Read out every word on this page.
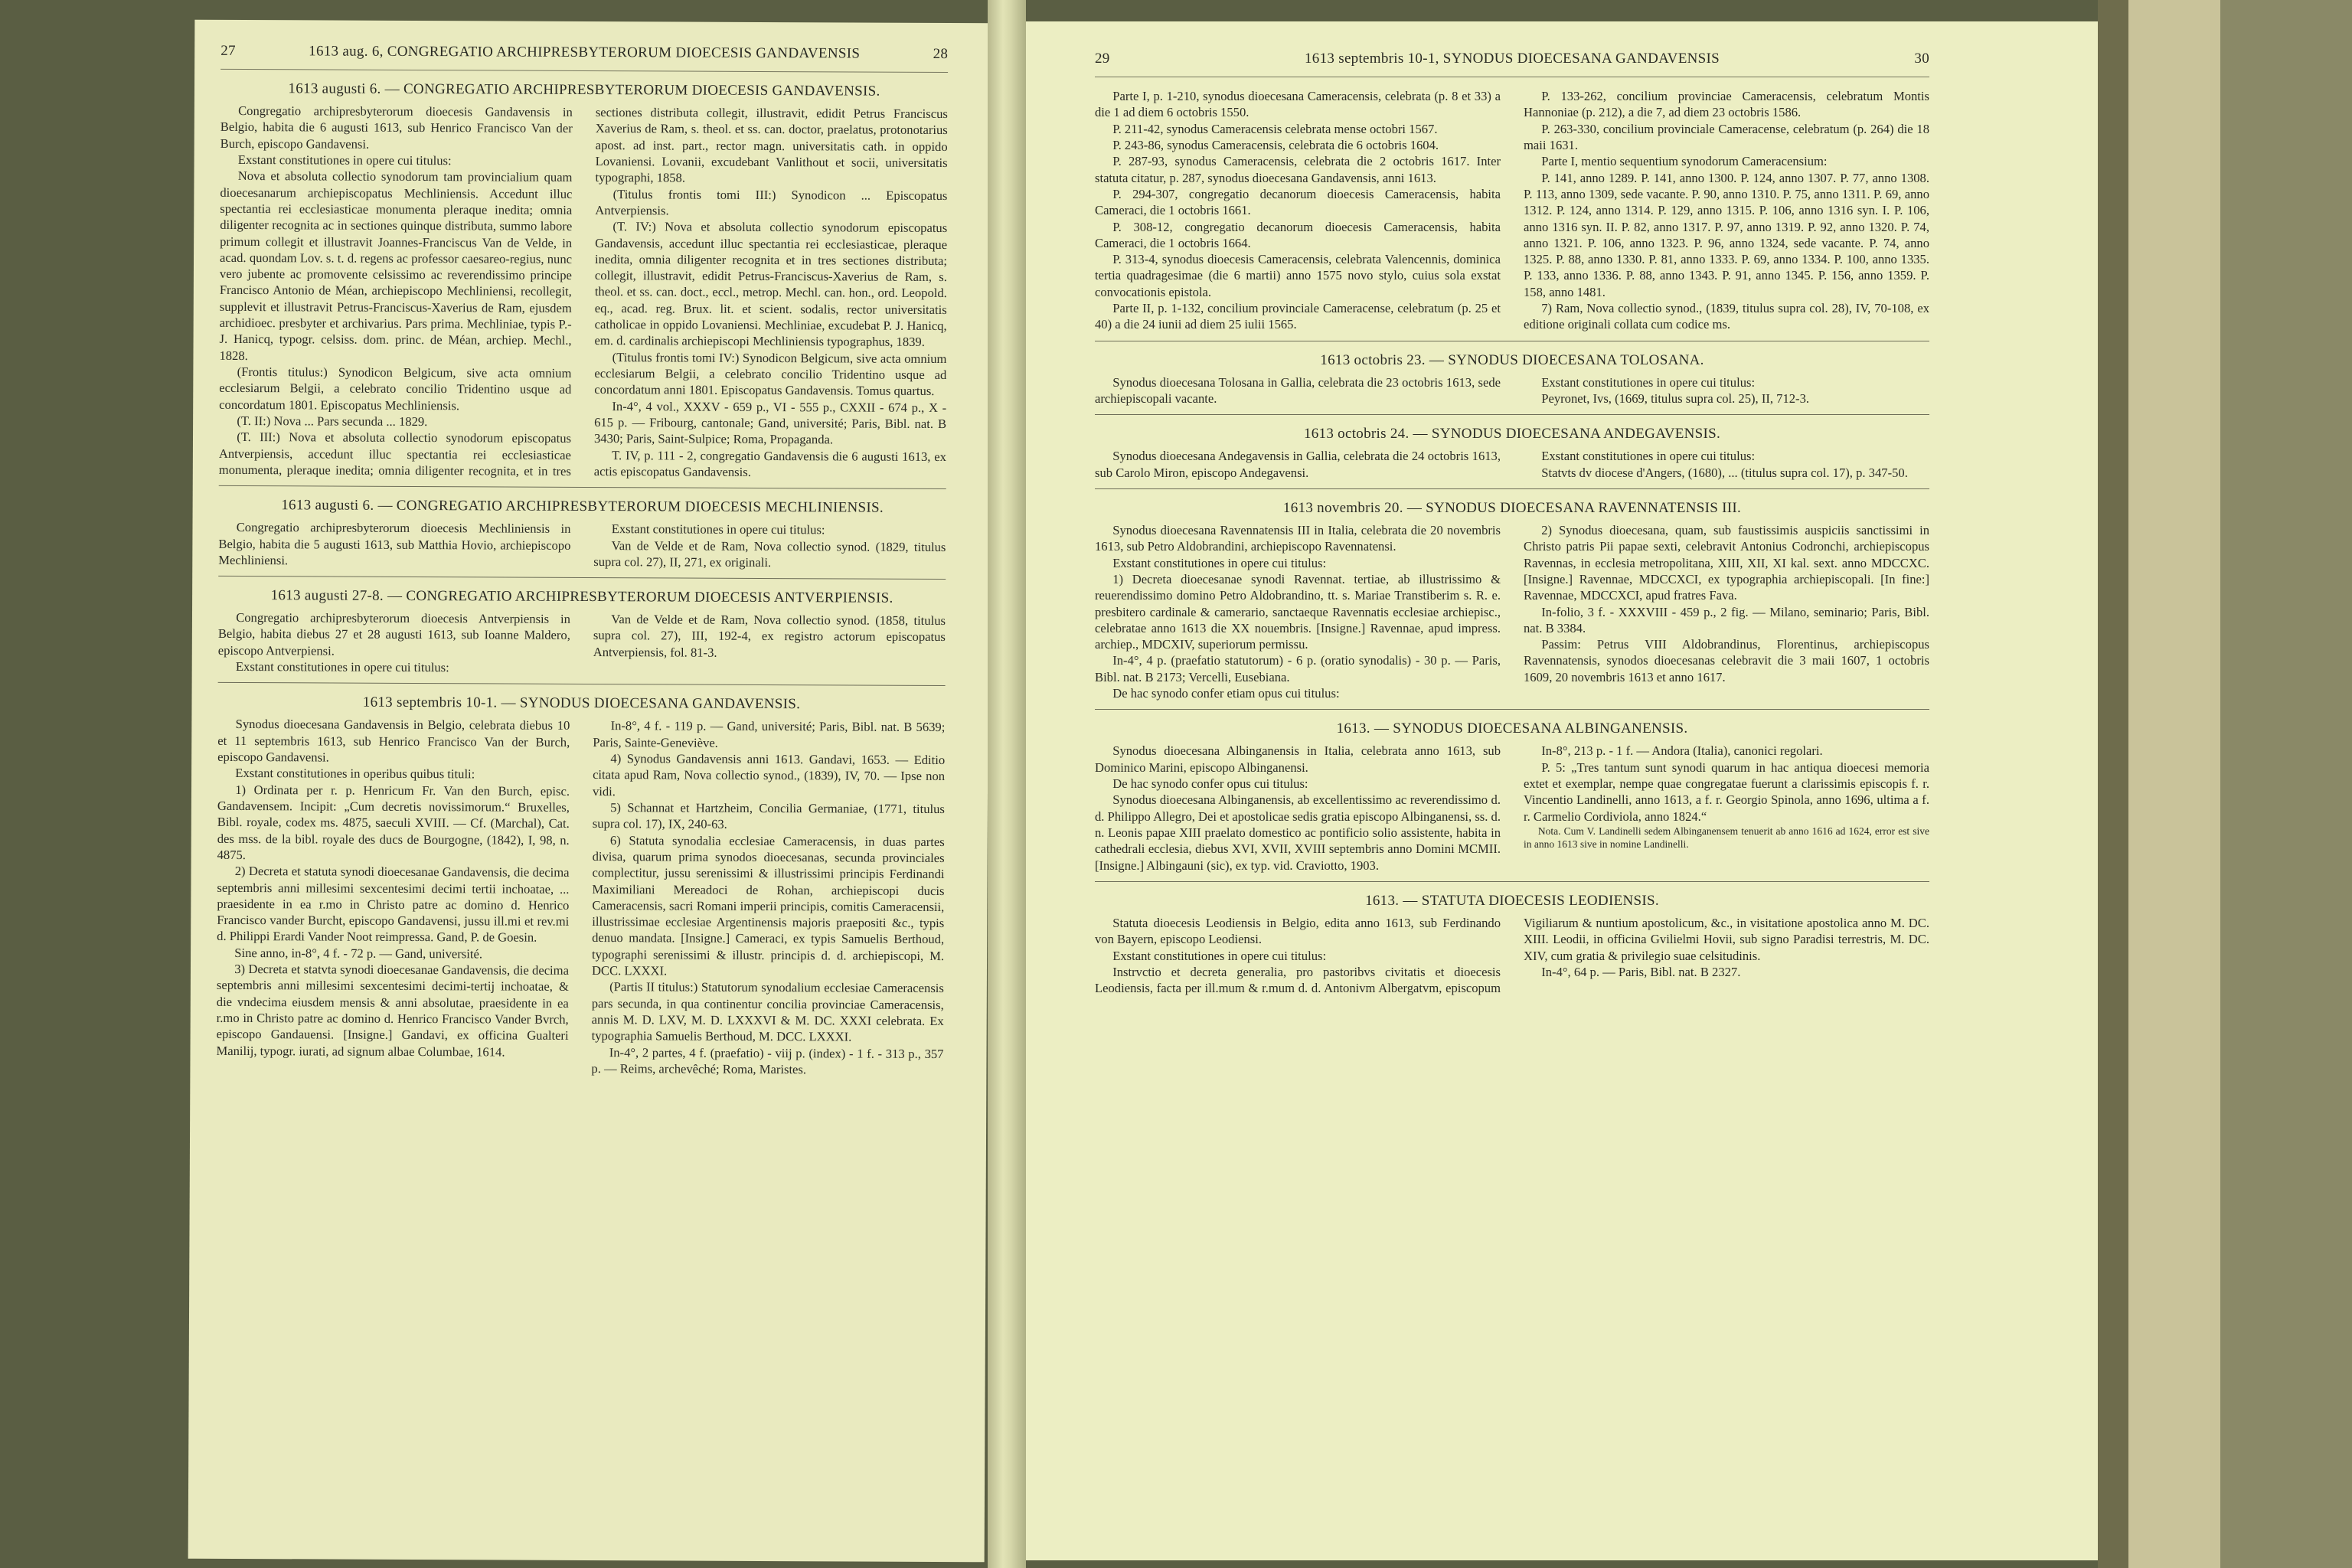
27	1613 aug. 6, CONGREGATIO ARCHIPRESBYTERORUM DIOECESIS GANDAVENSIS	28
1613 augusti 6. — CONGREGATIO ARCHIPRESBYTERORUM DIOECESIS GANDAVENSIS.

Congregatio archipresbyterorum dioecesis Gandavensis in Belgio, habita die 6 augusti 1613, sub Henrico Francisco Van der Burch, episcopo Gandavensi.

Exstant constitutiones in opere cui titulus:

Nova et absoluta collectio synodorum tam provincialium quam dioecesanarum archiepiscopatus Mechliniensis. Accedunt illuc spectantia rei ecclesiasticae monumenta pleraque inedita; omnia diligenter recognita ac in sectiones quinque distributa, summo labore primum collegit et illustravit Joannes-Franciscus Van de Velde, in acad. quondam Lov. s. t. d. regens ac professor caesareo-regius, nunc vero jubente ac promovente celsissimo ac reverendissimo principe Francisco Antonio de Méan, archiepiscopo Mechliniensi, recollegit, supplevit et illustravit Petrus-Franciscus-Xaverius de Ram, ejusdem archidioec. presbyter et archivarius. Pars prima. Mechliniae, typis P.-J. Hanicq, typogr. celsiss. dom. princ. de Méan, archiep. Mechl., 1828.

(Frontis titulus:) Synodicon Belgicum, sive acta omnium ecclesiarum Belgii, a celebrato concilio Tridentino usque ad concordatum 1801. Episcopatus Mechliniensis.

(T. II:) Nova ... Pars secunda ... 1829.

(T. III:) Nova et absoluta collectio synodorum episcopatus Antverpiensis, accedunt illuc spectantia rei ecclesiasticae monumenta, pleraque inedita; omnia diligenter recognita, et in tres sectiones distributa collegit, illustravit, edidit Petrus Franciscus Xaverius de Ram, s. theol. et ss. can. doctor, praelatus, protonotarius apost. ad inst. part., rector magn. universitatis cath. in oppido Lovaniensi. Lovanii, excudebant Vanlithout et socii, universitatis typographi, 1858.

(Titulus frontis tomi III:) Synodicon ... Episcopatus Antverpiensis.

(T. IV:) Nova et absoluta collectio synodorum episcopatus Gandavensis, accedunt illuc spectantia rei ecclesiasticae, pleraque inedita, omnia diligenter recognita et in tres sectiones distributa; collegit, illustravit, edidit Petrus-Franciscus-Xaverius de Ram, s. theol. et ss. can. doct., eccl., metrop. Mechl. can. hon., ord. Leopold. eq., acad. reg. Brux. lit. et scient. sodalis, rector universitatis catholicae in oppido Lovaniensi. Mechliniae, excudebat P. J. Hanicq, em. d. cardinalis archiepiscopi Mechliniensis typographus, 1839.

(Titulus frontis tomi IV:) Synodicon Belgicum, sive acta omnium ecclesiarum Belgii, a celebrato concilio Tridentino usque ad concordatum anni 1801. Episcopatus Gandavensis. Tomus quartus.

In-4°, 4 vol., XXXV - 659 p., VI - 555 p., CXXII - 674 p., X - 615 p. — Fribourg, cantonale; Gand, université; Paris, Bibl. nat. B 3430; Paris, Saint-Sulpice; Roma, Propaganda.

T. IV, p. 111 - 2, congregatio Gandavensis die 6 augusti 1613, ex actis episcopatus Gandavensis.

1613 augusti 6. — CONGREGATIO ARCHIPRESBYTERORUM DIOECESIS MECHLINIENSIS.

Congregatio archipresbyterorum dioecesis Mechliniensis in Belgio, habita die 5 augusti 1613, sub Matthia Hovio, archiepiscopo Mechliniensi.

Exstant constitutiones in opere cui titulus:

Van de Velde et de Ram, Nova collectio synod. (1829, titulus supra col. 27), II, 271, ex originali.

1613 augusti 27-8. — CONGREGATIO ARCHIPRESBYTERORUM DIOECESIS ANTVERPIENSIS.

Congregatio archipresbyterorum dioecesis Antverpiensis in Belgio, habita diebus 27 et 28 augusti 1613, sub Ioanne Maldero, episcopo Antverpiensi.

Exstant constitutiones in opere cui titulus:

Van de Velde et de Ram, Nova collectio synod. (1858, titulus supra col. 27), III, 192-4, ex registro actorum episcopatus Antverpiensis, fol. 81-3.

1613 septembris 10-1. — SYNODUS DIOECESANA GANDAVENSIS.

Synodus dioecesana Gandavensis in Belgio, celebrata diebus 10 et 11 septembris 1613, sub Henrico Francisco Van der Burch, episcopo Gandavensi.

Exstant constitutiones in operibus quibus tituli:

1) Ordinata per r. p. Henricum Fr. Van den Burch, episc. Gandavensem. Incipit: „Cum decretis novissimorum.“ Bruxelles, Bibl. royale, codex ms. 4875, saeculi XVIII. — Cf. (Marchal), Cat. des mss. de la bibl. royale des ducs de Bourgogne, (1842), I, 98, n. 4875.

2) Decreta et statuta synodi dioecesanae Gandavensis, die decima septembris anni millesimi sexcentesimi decimi tertii inchoatae, ... praesidente in ea r.mo in Christo patre ac domino d. Henrico Francisco vander Burcht, episcopo Gandavensi, jussu ill.mi et rev.mi d. Philippi Erardi Vander Noot reimpressa. Gand, P. de Goesin.

Sine anno, in-8°, 4 f. - 72 p. — Gand, université.

3) Decreta et statvta synodi dioecesanae Gandavensis, die decima septembris anni millesimi sexcentesimi decimi-tertij inchoatae, & die vndecima eiusdem mensis & anni absolutae, praesidente in ea r.mo in Christo patre ac domino d. Henrico Francisco Vander Bvrch, episcopo Gandauensi. [Insigne.] Gandavi, ex officina Gualteri Manilij, typogr. iurati, ad signum albae Columbae, 1614.

In-8°, 4 f. - 119 p. — Gand, université; Paris, Bibl. nat. B 5639; Paris, Sainte-Geneviève.

4) Synodus Gandavensis anni 1613. Gandavi, 1653. — Editio citata apud Ram, Nova collectio synod., (1839), IV, 70. — Ipse non vidi.

5) Schannat et Hartzheim, Concilia Germaniae, (1771, titulus supra col. 17), IX, 240-63.

6) Statuta synodalia ecclesiae Cameracensis, in duas partes divisa, quarum prima synodos dioecesanas, secunda provinciales complectitur, jussu serenissimi & illustrissimi principis Ferdinandi Maximiliani Mereadoci de Rohan, archiepiscopi ducis Cameracensis, sacri Romani imperii principis, comitis Cameracensii, illustrissimae ecclesiae Argentinensis majoris praepositi &c., typis denuo mandata. [Insigne.] Cameraci, ex typis Samuelis Berthoud, typographi serenissimi & illustr. principis d. d. archiepiscopi, M. DCC. LXXXI.

(Partis II titulus:) Statutorum synodalium ecclesiae Cameracensis pars secunda, in qua continentur concilia provinciae Cameracensis, annis M. D. LXV, M. D. LXXXVI & M. DC. XXXI celebrata. Ex typographia Samuelis Berthoud, M. DCC. LXXXI.

In-4°, 2 partes, 4 f. (praefatio) - viij p. (index) - 1 f. - 313 p., 357 p. — Reims, archevêché; Roma, Maristes.

29	1613 septembris 10-1, SYNODUS DIOECESANA GANDAVENSIS	30

Parte I, p. 1-210, synodus dioecesana Cameracensis, celebrata (p. 8 et 33) a die 1 ad diem 6 octobris 1550.

P. 211-42, synodus Cameracensis celebrata mense octobri 1567.

P. 243-86, synodus Cameracensis, celebrata die 6 octobris 1604.

P. 287-93, synodus Cameracensis, celebrata die 2 octobris 1617. Inter statuta citatur, p. 287, synodus dioecesana Gandavensis, anni 1613.

P. 294-307, congregatio decanorum dioecesis Cameracensis, habita Cameraci, die 1 octobris 1661.

P. 308-12, congregatio decanorum dioecesis Cameracensis, habita Cameraci, die 1 octobris 1664.

P. 313-4, synodus dioecesis Cameracensis, celebrata Valencennis, dominica tertia quadragesimae (die 6 martii) anno 1575 novo stylo, cuius sola exstat convocationis epistola.

Parte II, p. 1-132, concilium provinciale Cameracense, celebratum (p. 25 et 40) a die 24 iunii ad diem 25 iulii 1565.

P. 133-262, concilium provinciae Cameracensis, celebratum Montis Hannoniae (p. 212), a die 7, ad diem 23 octobris 1586.

P. 263-330, concilium provinciale Cameracense, celebratum (p. 264) die 18 maii 1631.

Parte I, mentio sequentium synodorum Cameracensium:

P. 141, anno 1289. P. 141, anno 1300. P. 124, anno 1307. P. 77, anno 1308. P. 113, anno 1309, sede vacante. P. 90, anno 1310. P. 75, anno 1311. P. 69, anno 1312. P. 124, anno 1314. P. 129, anno 1315. P. 106, anno 1316 syn. I. P. 106, anno 1316 syn. II. P. 82, anno 1317. P. 97, anno 1319. P. 92, anno 1320. P. 74, anno 1321. P. 106, anno 1323. P. 96, anno 1324, sede vacante. P. 74, anno 1325. P. 88, anno 1330. P. 81, anno 1333. P. 69, anno 1334. P. 100, anno 1335. P. 133, anno 1336. P. 88, anno 1343. P. 91, anno 1345. P. 156, anno 1359. P. 158, anno 1481.

7) Ram, Nova collectio synod., (1839, titulus supra col. 28), IV, 70-108, ex editione originali collata cum codice ms.

1613 octobris 23. — SYNODUS DIOECESANA TOLOSANA.

Synodus dioecesana Tolosana in Gallia, celebrata die 23 octobris 1613, sede archiepiscopali vacante.

Exstant constitutiones in opere cui titulus:

Peyronet, Ivs, (1669, titulus supra col. 25), II, 712-3.

1613 octobris 24. — SYNODUS DIOECESANA ANDEGAVENSIS.

Synodus dioecesana Andegavensis in Gallia, celebrata die 24 octobris 1613, sub Carolo Miron, episcopo Andegavensi.

Exstant constitutiones in opere cui titulus:

Statvts dv diocese d'Angers, (1680), ... (titulus supra col. 17), p. 347-50.

1613 novembris 20. — SYNODUS DIOECESANA RAVENNATENSIS III.

Synodus dioecesana Ravennatensis III in Italia, celebrata die 20 novembris 1613, sub Petro Aldobrandini, archiepiscopo Ravennatensi.

Exstant constitutiones in opere cui titulus:

1) Decreta dioecesanae synodi Ravennat. tertiae, ab illustrissimo & reuerendissimo domino Petro Aldobrandino, tt. s. Mariae Transtiberim s. R. e. presbitero cardinale & camerario, sanctaeque Ravennatis ecclesiae archiepisc., celebratae anno 1613 die XX nouembris. [Insigne.] Ravennae, apud impress. archiep., MDCXIV, superiorum permissu.

In-4°, 4 p. (praefatio statutorum) - 6 p. (oratio synodalis) - 30 p. — Paris, Bibl. nat. B 2173; Vercelli, Eusebiana.

De hac synodo confer etiam opus cui titulus:

2) Synodus dioecesana, quam, sub faustissimis auspiciis sanctissimi in Christo patris Pii papae sexti, celebravit Antonius Codronchi, archiepiscopus Ravennas, in ecclesia metropolitana, XIII, XII, XI kal. sext. anno MDCCXC. [Insigne.] Ravennae, MDCCXCI, ex typographia archiepiscopali. [In fine:] Ravennae, MDCCXCI, apud fratres Fava.

In-folio, 3 f. - XXXVIII - 459 p., 2 fig. — Milano, seminario; Paris, Bibl. nat. B 3384.

Passim: Petrus VIII Aldobrandinus, Florentinus, archiepiscopus Ravennatensis, synodos dioecesanas celebravit die 3 maii 1607, 1 octobris 1609, 20 novembris 1613 et anno 1617.

1613. — SYNODUS DIOECESANA ALBINGANENSIS.

Synodus dioecesana Albinganensis in Italia, celebrata anno 1613, sub Dominico Marini, episcopo Albinganensi.

De hac synodo confer opus cui titulus:

Synodus dioecesana Albinganensis, ab excellentissimo ac reverendissimo d. d. Philippo Allegro, Dei et apostolicae sedis gratia episcopo Albinganensi, ss. d. n. Leonis papae XIII praelato domestico ac pontificio solio assistente, habita in cathedrali ecclesia, diebus XVI, XVII, XVIII septembris anno Domini MCMII. [Insigne.] Albingauni (sic), ex typ. vid. Craviotto, 1903.

In-8°, 213 p. - 1 f. — Andora (Italia), canonici regolari.

P. 5: „Tres tantum sunt synodi quarum in hac antiqua dioecesi memoria extet et exemplar, nempe quae congregatae fuerunt a clarissimis episcopis f. r. Vincentio Landinelli, anno 1613, a f. r. Georgio Spinola, anno 1696, ultima a f. r. Carmelio Cordiviola, anno 1824.“

Nota. Cum V. Landinelli sedem Albinganensem tenuerit ab anno 1616 ad 1624, error est sive in anno 1613 sive in nomine Landinelli.

1613. — STATUTA DIOECESIS LEODIENSIS.

Statuta dioecesis Leodiensis in Belgio, edita anno 1613, sub Ferdinando von Bayern, episcopo Leodiensi.

Exstant constitutiones in opere cui titulus:

Instrvctio et decreta generalia, pro pastoribvs civitatis et dioecesis Leodiensis, facta per ill.mum & r.mum d. d. Antonivm Albergatvm, episcopum Vigiliarum & nuntium apostolicum, &c., in visitatione apostolica anno M. DC. XIII. Leodii, in officina Gvilielmi Hovii, sub signo Paradisi terrestris, M. DC. XIV, cum gratia & privilegio suae celsitudinis.

In-4°, 64 p. — Paris, Bibl. nat. B 2327.
